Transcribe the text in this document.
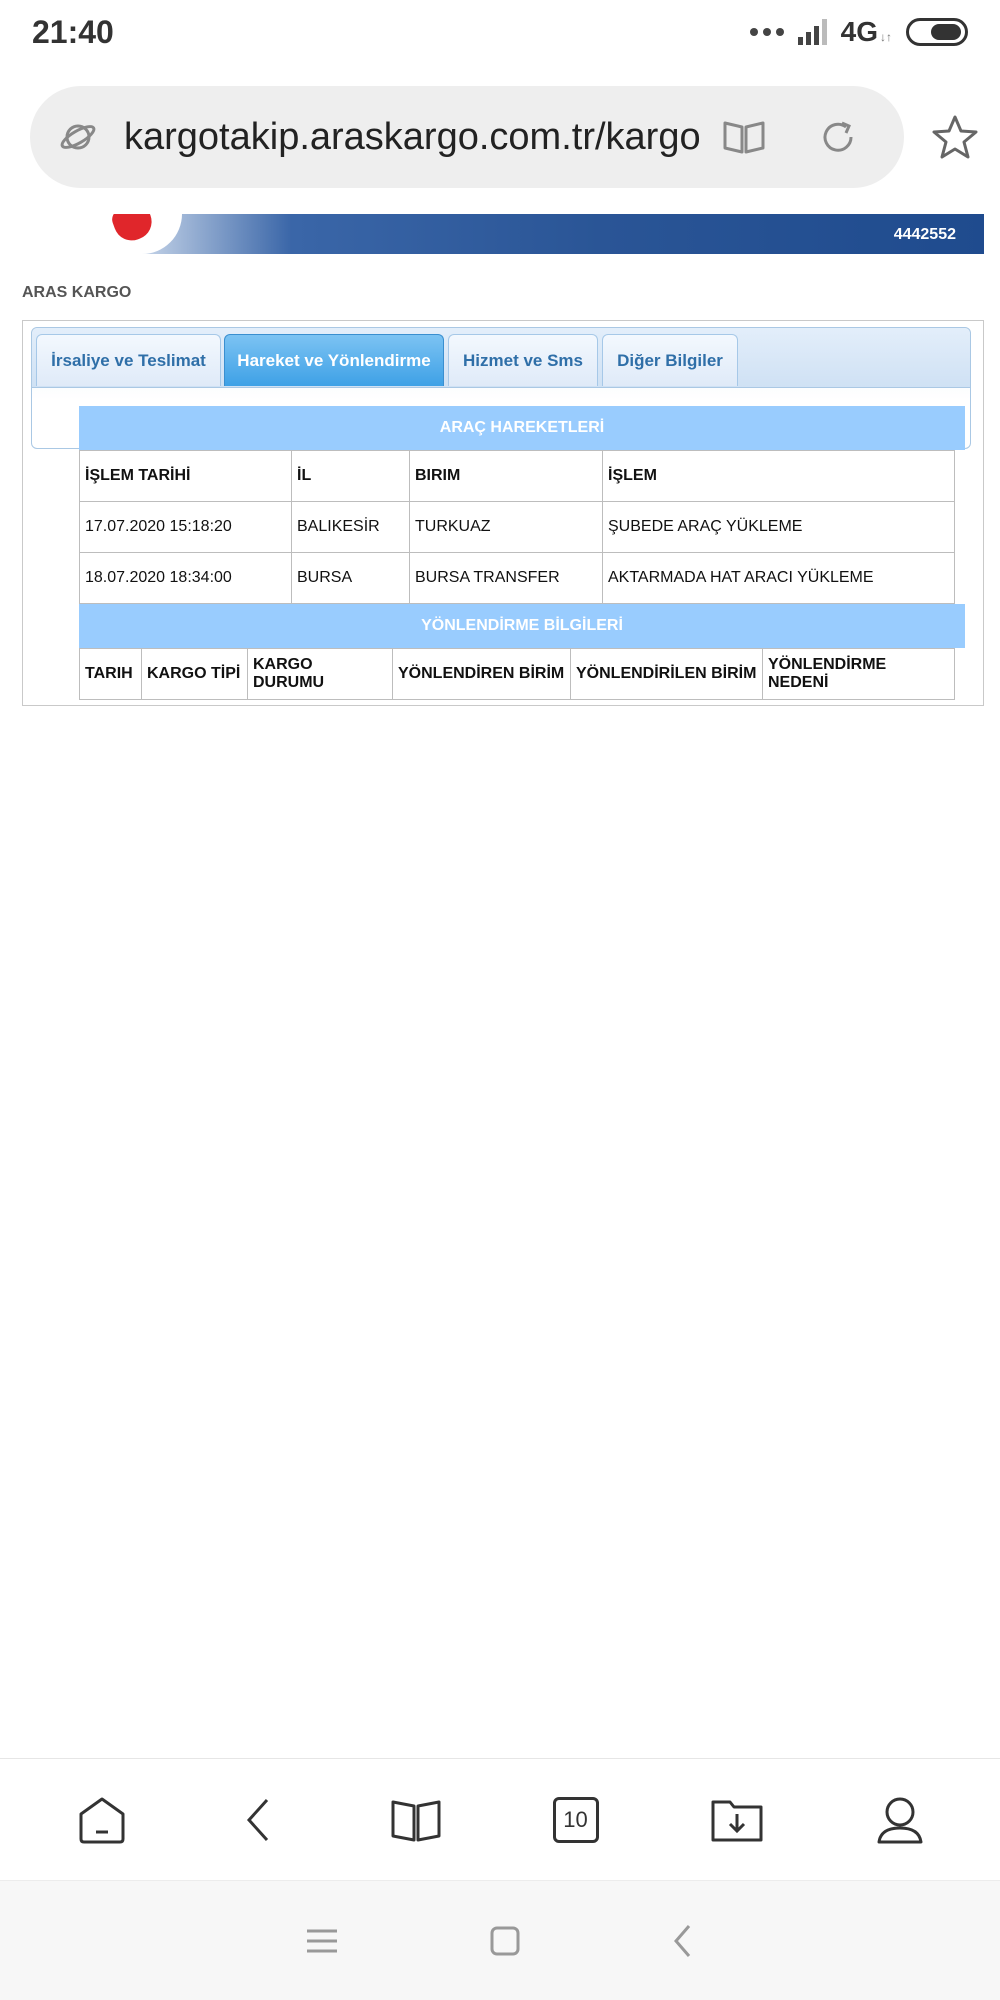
21:40	4G ↓↑
kargotakip.araskargo.com.tr/kargo
4442552
ARAS KARGO
İrsaliye ve Teslimat	Hareket ve Yönlendirme	Hizmet ve Sms	Diğer Bilgiler
ARAÇ HAREKETLERİ
İŞLEM TARİHİ	İL	BIRIM	İŞLEM
17.07.2020 15:18:20	BALIKESİR	TURKUAZ	ŞUBEDE ARAÇ YÜKLEME
18.07.2020 18:34:00	BURSA	BURSA TRANSFER	AKTARMADA HAT ARACI YÜKLEME
YÖNLENDİRME BİLGİLERİ
TARIH	KARGO TİPİ	KARGO DURUMU	YÖNLENDİREN BİRİM	YÖNLENDİRİLEN BİRİM	YÖNLENDİRME NEDENİ
10
